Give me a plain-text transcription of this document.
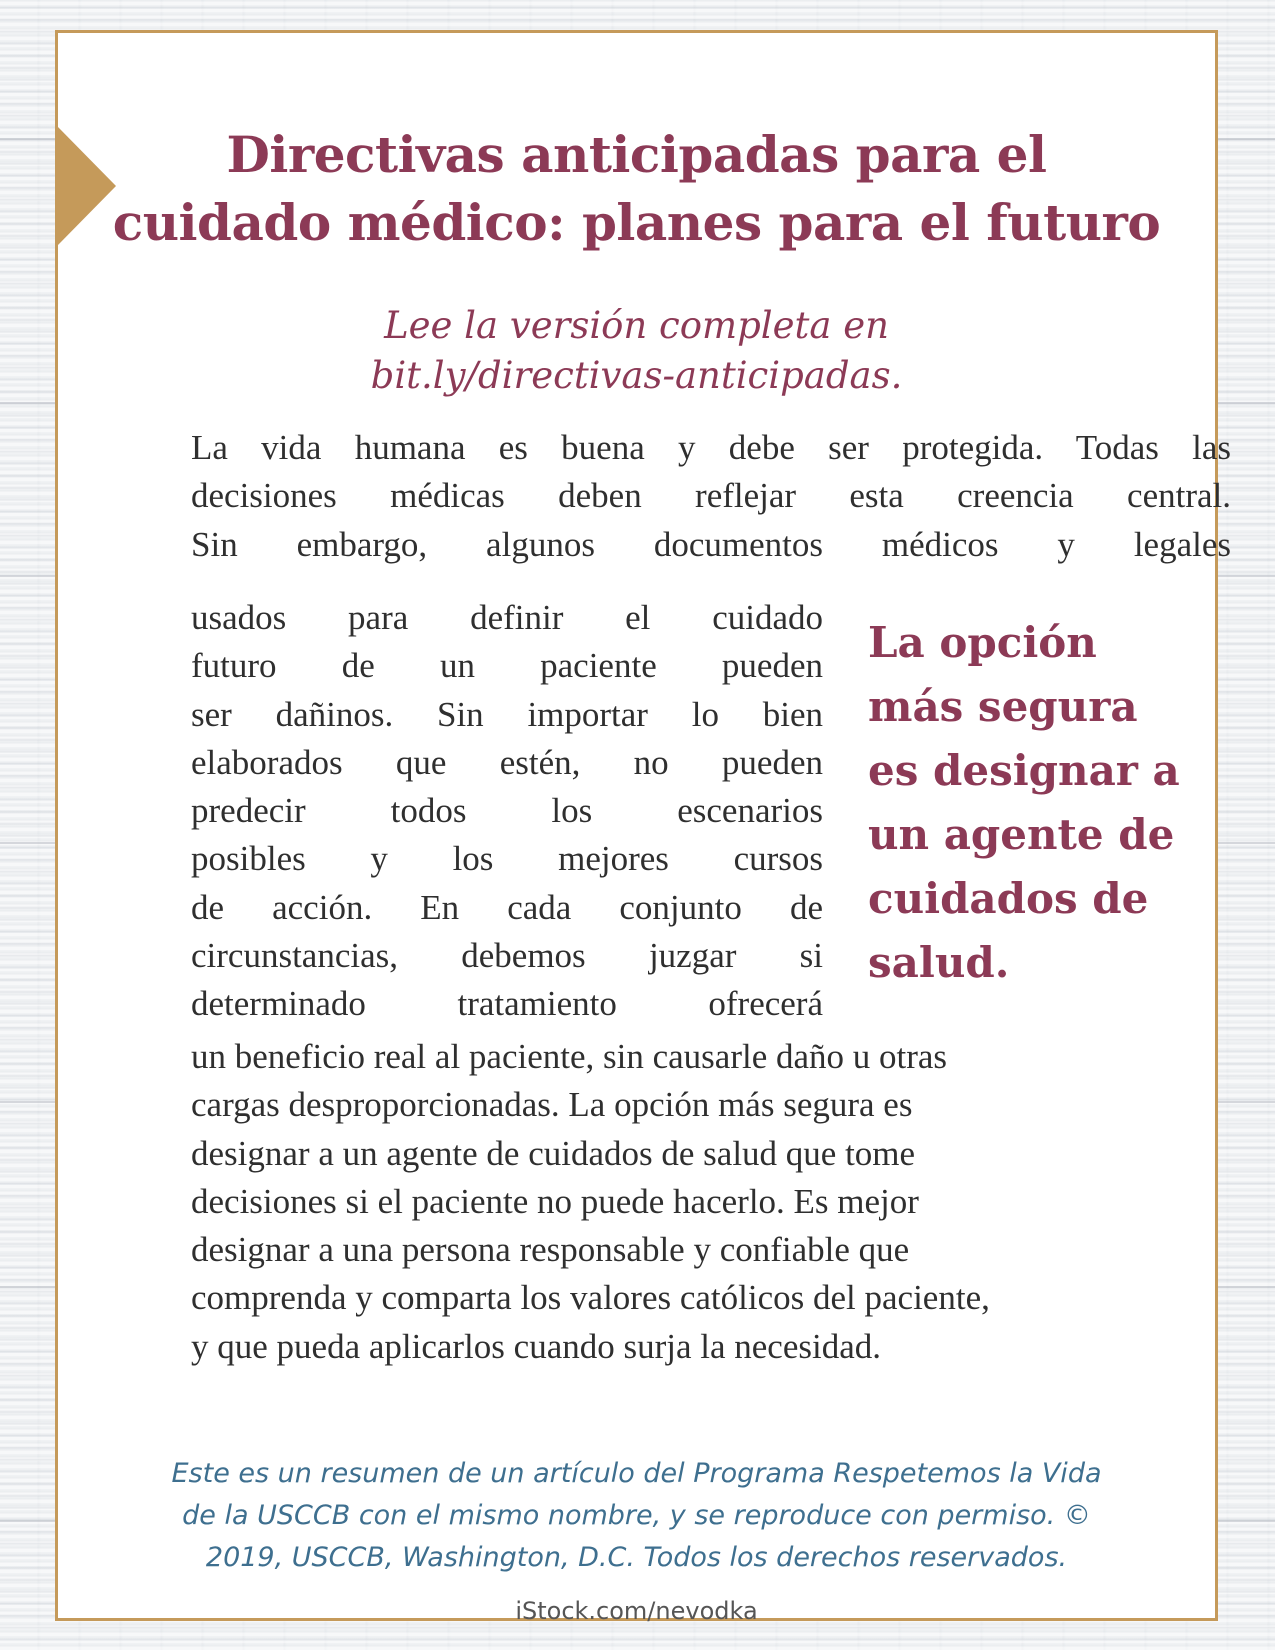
Directivas anticipadas para el
cuidado médico: planes para el futuro
Lee la versión completa en
bit.ly/directivas-anticipadas.
La vida humana es buena y debe ser protegida. Todas las
decisiones médicas deben reflejar esta creencia central.
Sin embargo, algunos documentos médicos y legales
usados para definir el cuidado
futuro de un paciente pueden
ser dañinos. Sin importar lo bien
elaborados que estén, no pueden
predecir todos los escenarios
posibles y los mejores cursos
de acción. En cada conjunto de
circunstancias, debemos juzgar si
determinado tratamiento ofrecerá
La opción
más segura
es designar a
un agente de
cuidados de
salud.
un beneficio real al paciente, sin causarle daño u otras
cargas desproporcionadas. La opción más segura es
designar a un agente de cuidados de salud que tome
decisiones si el paciente no puede hacerlo. Es mejor
designar a una persona responsable y confiable que
comprenda y comparta los valores católicos del paciente,
y que pueda aplicarlos cuando surja la necesidad.
Este es un resumen de un artículo del Programa Respetemos la Vida
de la USCCB con el mismo nombre, y se reproduce con permiso. ©
2019, USCCB, Washington, D.C. Todos los derechos reservados.
iStock.com/nevodka
